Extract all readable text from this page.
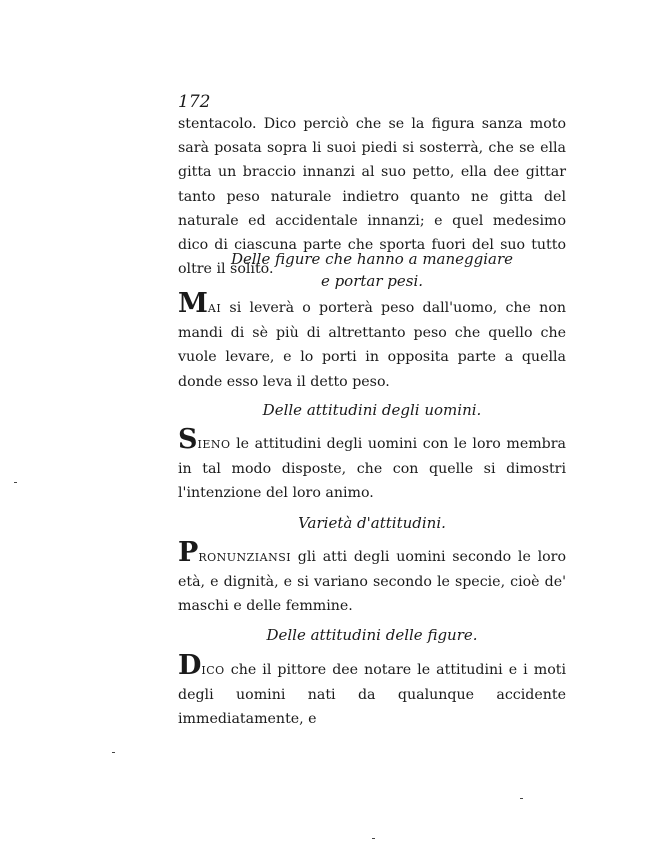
172

stentacolo. Dico perciò che se la figura sanza moto sarà posata sopra li suoi piedi si sosterrà, che se ella gitta un braccio innanzi al suo petto, ella dee gittar tanto peso naturale indietro quanto ne gitta del naturale ed accidentale innanzi; e quel medesimo dico di ciascuna parte che sporta fuori del suo tutto oltre il solito.

Delle figure che hanno a maneggiare
e portar pesi.

MAI si leverà o porterà peso dall'uomo, che non mandi di sè più di altrettanto peso che quello che vuole levare, e lo porti in opposita parte a quella donde esso leva il detto peso.

Delle attitudini degli uomini.

SIENO le attitudini degli uomini con le loro membra in tal modo disposte, che con quelle si dimostri l'intenzione del loro animo.

Varietà d'attitudini.

PRONUNZIANSI gli atti degli uomini secondo le loro età, e dignità, e si variano secondo le specie, cioè de' maschi e delle femmine.

Delle attitudini delle figure.

DICO che il pittore dee notare le attitudini e i moti degli uomini nati da qualunque accidente immediatamente, e
